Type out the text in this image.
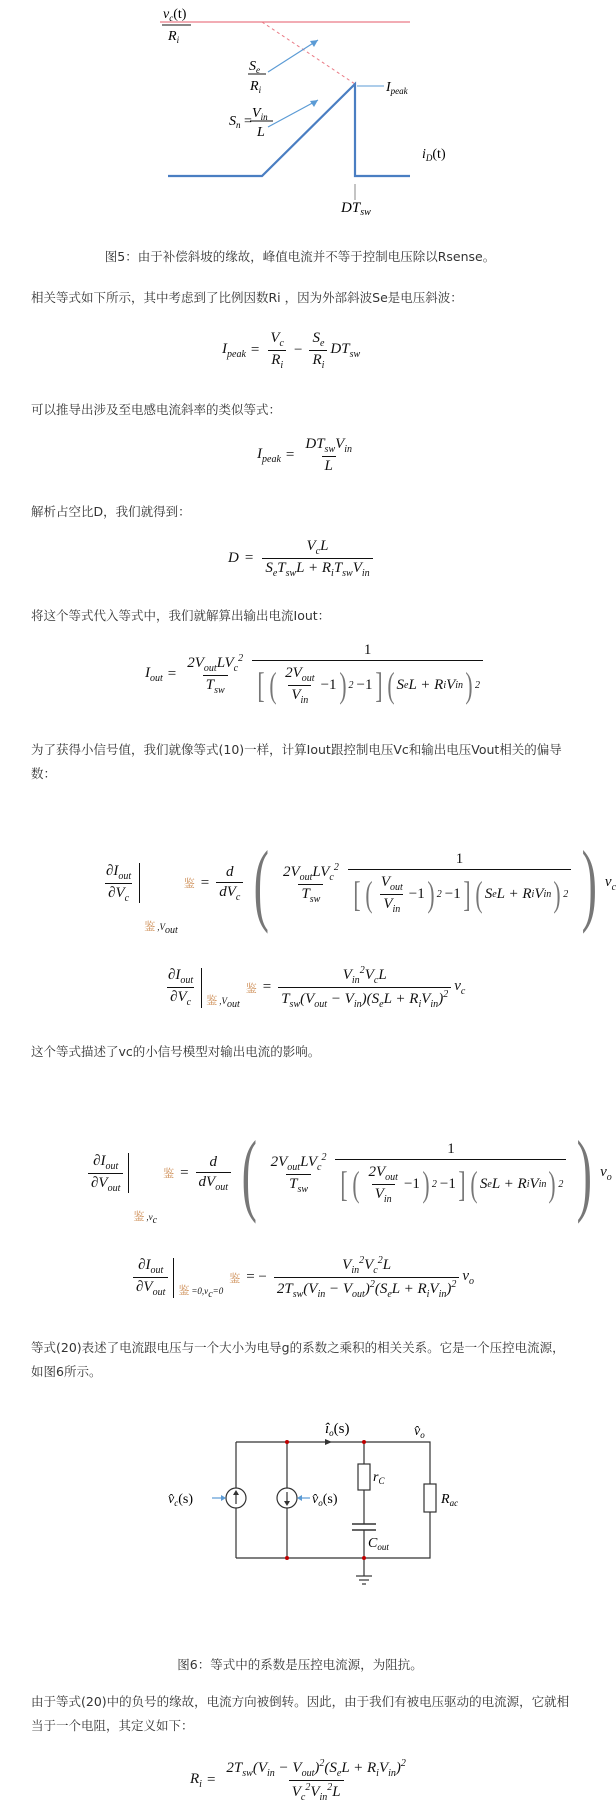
$v_c(t)$
$R_i$
$S_e$
$R_i$
$S_n$ =
$V_{in}$
L
$I_{peak}$
$i_D(t)$
$DT_{sw}$
图5：由于补偿斜坡的缘故，峰值电流并不等于控制电压除以Rsense。

相关等式如下所示，其中考虑到了比例因数Ri ，因为外部斜波Se是电压斜波：

$I_{peak} = \frac{V_c}{R_i} - \frac{S_e}{R_i} DT_{sw}$

可以推导出涉及至电感电流斜率的类似等式：

$I_{peak} = \frac{DT_{sw}V_{in}}{L}$

解析占空比D，我们就得到：

$D = \frac{V_cL}{S_eT_{sw}L + R_iT_{sw}V_{in}}$

将这个等式代入等式中，我们就解算出输出电流Iout：

$I_{out} = \frac{2V_{out}LV_c^2}{T_{sw}} \frac{1}{[ ( \frac{2V_{out}}{V_{in}} -1 ) 2 -1 ] ( S e L + R i V in ) 2}$

为了获得小信号值，我们就像等式(10)一样，计算Iout跟控制电压Vc和输出电压Vout相关的偏导数：

$\frac{\partial I_{out}}{\partial V_c}$
鉴 $,V_{out}$
鉴 = $\frac{d}{dV_c}$ ( $\frac{2V_{out}LV_c^2}{T_{sw}} \frac{1}{[ ( \frac{V_{out}}{V_{in}} -1 ) 2 -1 ] ( S e L + R i V in ) 2}$ ) $v_c$
$\frac{\partial I_{out}}{\partial V_c}$ 鉴 $,V_{out}$
鉴 = $\frac{V_{in}^2V_cL}{T_{sw}(V_{out} - V_{in})(S_eL + R_iV_{in})^2} v_c$

这个等式描述了vc的小信号模型对输出电流的影响。

$\frac{\partial I_{out}}{\partial V_{out}}$
鉴 $,v_c$
鉴 = $\frac{d}{dV_{out}}$ ( $\frac{2V_{out}LV_c^2}{T_{sw}} \frac{1}{[ ( \frac{2V_{out}}{V_{in}} -1 ) 2 -1 ] ( S e L + R i V in ) 2}$ ) $v_o$
$\frac{\partial I_{out}}{\partial V_{out}}$ 鉴 $=0,v_c=0$
鉴 = − $\frac{V_{in}^2V_c^2L}{2T_{sw}(V_{in} - V_{out})^2(S_eL + R_iV_{in})^2} v_o$

等式(20)表述了电流跟电压与一个大小为电导g的系数之乘积的相关关系。它是一个压控电流源，如图6所示。

$î_o(s)$	$v̂_o$
$v̂_c(s)$	$v̂_o(s)$
$r_C$
$C_{out}$
$R_{ac}$
图6：等式中的系数是压控电流源，为阻抗。

由于等式(20)中的负号的缘故，电流方向被倒转。因此，由于我们有被电压驱动的电流源，它就相当于一个电阻，其定义如下：

$R_i = \frac{2T_{sw}(V_{in} - V_{out})^2(S_eL + R_iV_{in})^2}{V_c^2V_{in}^2L}$
